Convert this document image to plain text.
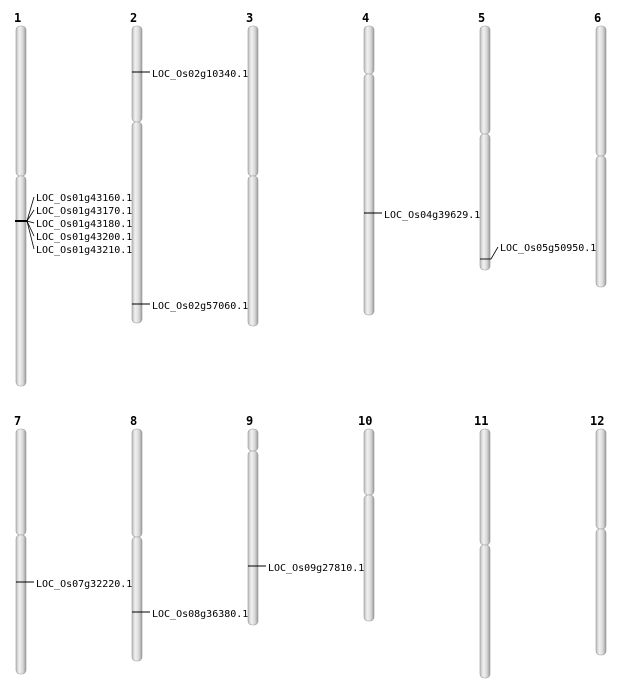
1
LOC_Os01g43160.1
LOC_Os01g43170.1
LOC_Os01g43180.1
LOC_Os01g43200.1
LOC_Os01g43210.1
2
LOC_Os02g10340.1
LOC_Os02g57060.1
3	4
LOC_Os04g39629.1
5
LOC_Os05g50950.1
6
7
LOC_Os07g32220.1
8
LOC_Os08g36380.1
9
LOC_Os09g27810.1
10	11	12
